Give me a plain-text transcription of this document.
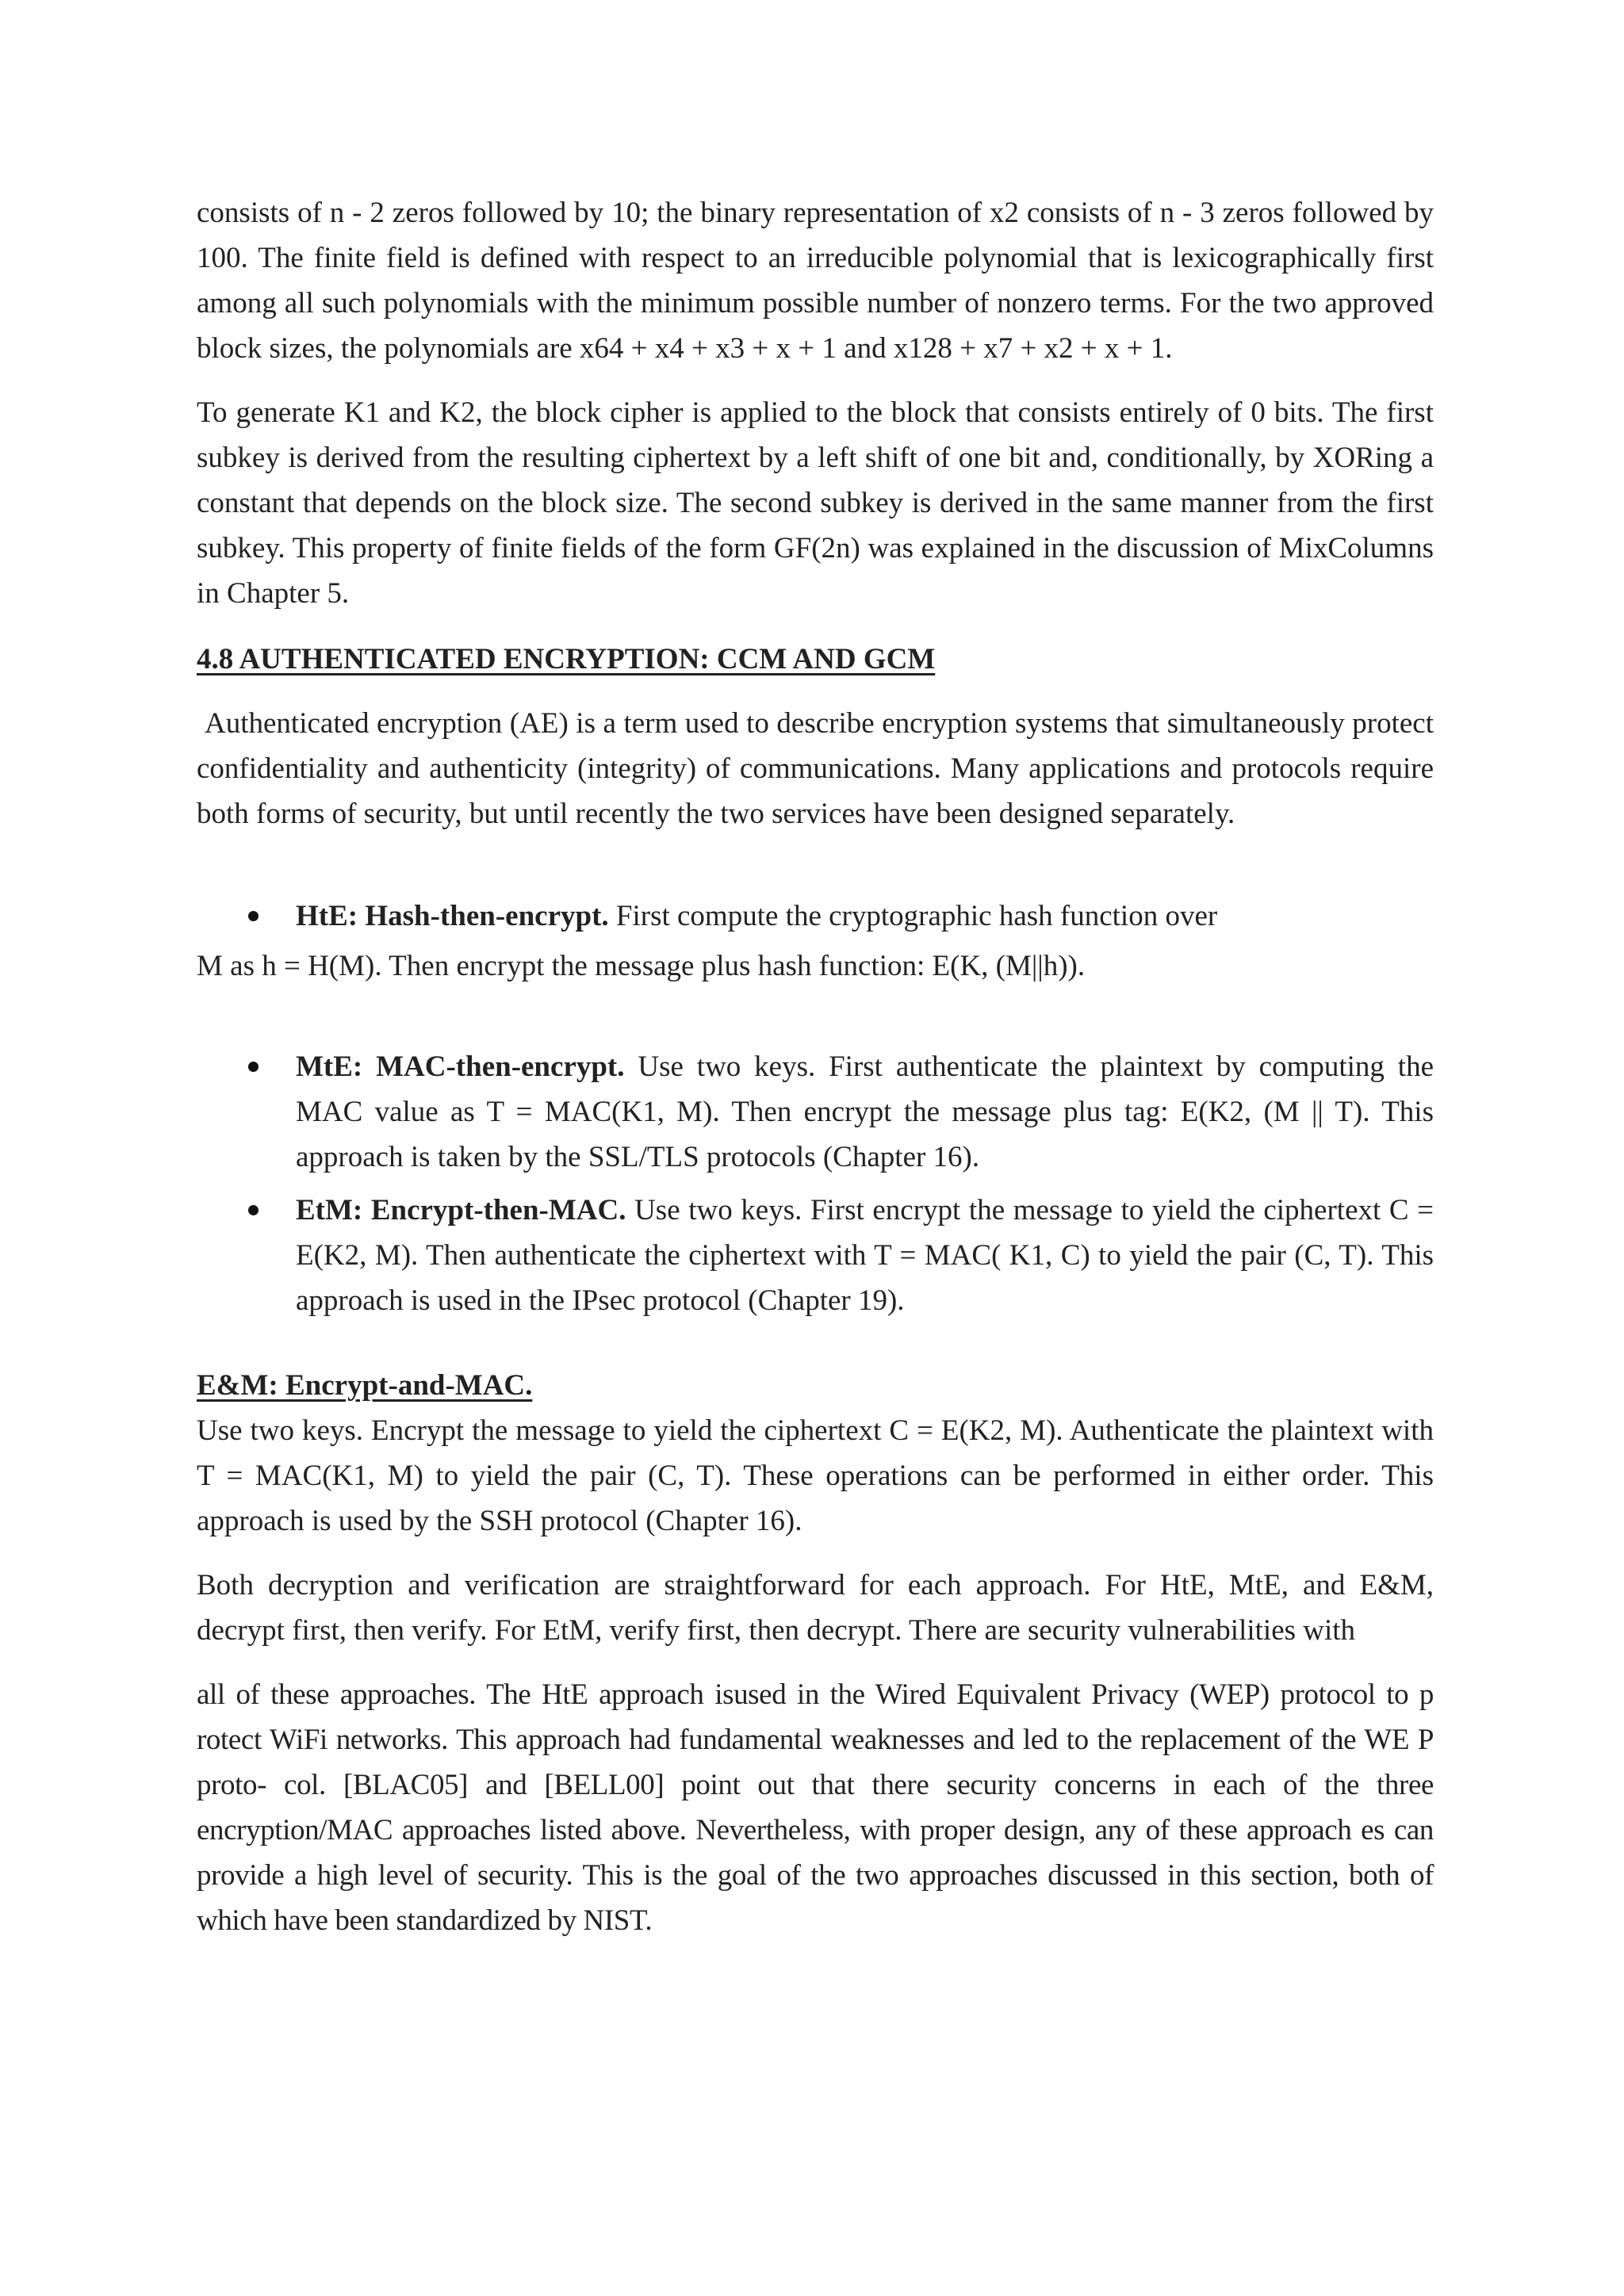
consists of n - 2 zeros followed by 10; the binary representation of x2 consists of n - 3 zeros followed by 100. The finite field is defined with respect to an irreducible polynomial that is lexicographically first among all such polynomials with the minimum possible number of nonzero terms. For the two approved block sizes, the polynomials are x64 + x4 + x3 + x + 1 and x128 + x7 + x2 + x + 1.

To generate K1 and K2, the block cipher is applied to the block that consists entirely of 0 bits. The first subkey is derived from the resulting ciphertext by a left shift of one bit and, conditionally, by XORing a constant that depends on the block size. The second subkey is derived in the same manner from the first subkey. This property of finite fields of the form GF(2n) was explained in the discussion of MixColumns in Chapter 5.

4.8 AUTHENTICATED ENCRYPTION: CCM AND GCM

Authenticated encryption (AE) is a term used to describe encryption systems that simultaneously protect confidentiality and authenticity (integrity) of communications. Many applications and protocols require both forms of security, but until recently the two services have been designed separately.

HtE: Hash-then-encrypt. First compute the cryptographic hash function over
M as h = H(M). Then encrypt the message plus hash function: E(K, (M||h)).
MtE: MAC-then-encrypt. Use two keys. First authenticate the plaintext by computing the MAC value as T = MAC(K1, M). Then encrypt the message plus tag: E(K2, (M || T). This approach is taken by the SSL/TLS protocols (Chapter 16).
EtM: Encrypt-then-MAC. Use two keys. First encrypt the message to yield the ciphertext C = E(K2, M). Then authenticate the ciphertext with T = MAC( K1, C) to yield the pair (C, T). This approach is used in the IPsec protocol (Chapter 19).
E&M: Encrypt-and-MAC.

Use two keys. Encrypt the message to yield the ciphertext C = E(K2, M). Authenticate the plaintext with T = MAC(K1, M) to yield the pair (C, T). These operations can be performed in either order. This approach is used by the SSH protocol (Chapter 16).

Both decryption and verification are straightforward for each approach. For HtE, MtE, and E&M, decrypt first, then verify. For EtM, verify first, then decrypt. There are security vulnerabilities with

all of these approaches. The HtE approach isused in the Wired Equivalent Privacy (WEP) protocol to p rotect WiFi networks. This approach had fundamental weaknesses and led to the replacement of the WE P proto- col. [BLAC05] and [BELL00] point out that there security concerns in each of the three encryption/MAC approaches listed above. Nevertheless, with proper design, any of these approach es can provide a high level of security. This is the goal of the two approaches discussed in this section, both of which have been standardized by NIST.
